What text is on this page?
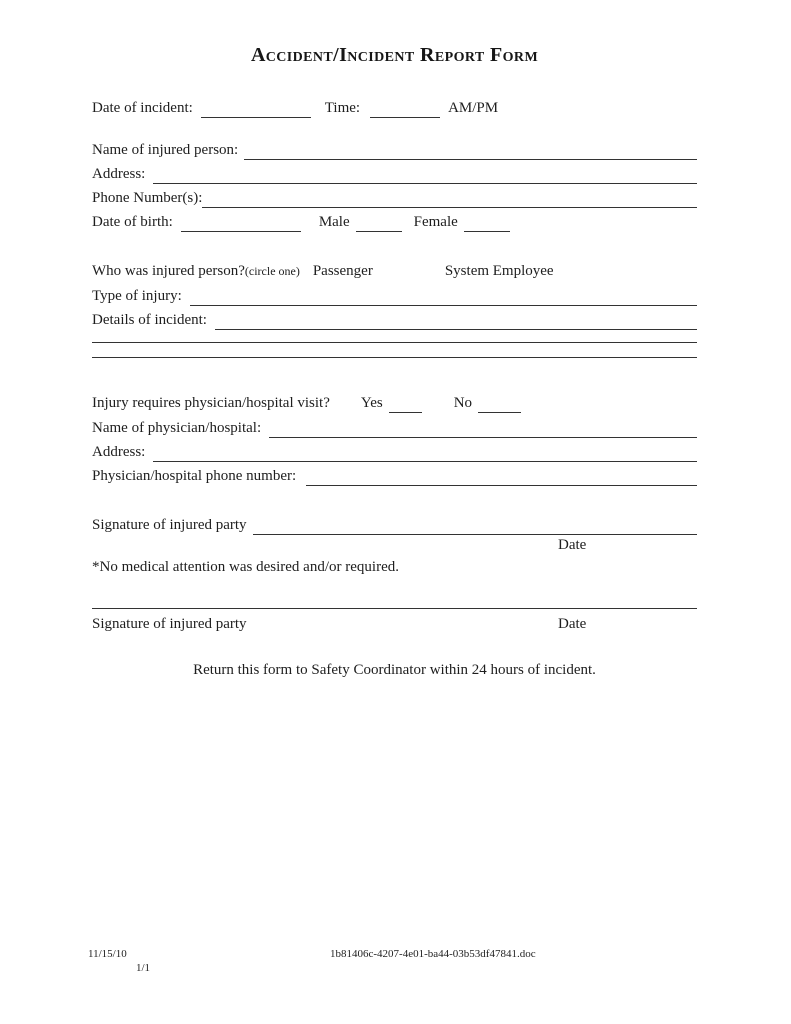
Accident/Incident Report Form
Date of incident:	Time:	AM/PM
Name of injured person:
Address:
Phone Number(s):
Date of birth:	Male	Female
Who was injured person? (circle one) Passenger	System Employee
Type of injury:
Details of incident:
Injury requires physician/hospital visit? Yes	No
Name of physician/hospital:
Address:
Physician/hospital phone number:
Signature of injured party
Date
*No medical attention was desired and/or required.
Signature of injured party	Date
Return this form to Safety Coordinator within 24 hours of incident.
11/15/10
1/1
1b81406c-4207-4e01-ba44-03b53df47841.doc
